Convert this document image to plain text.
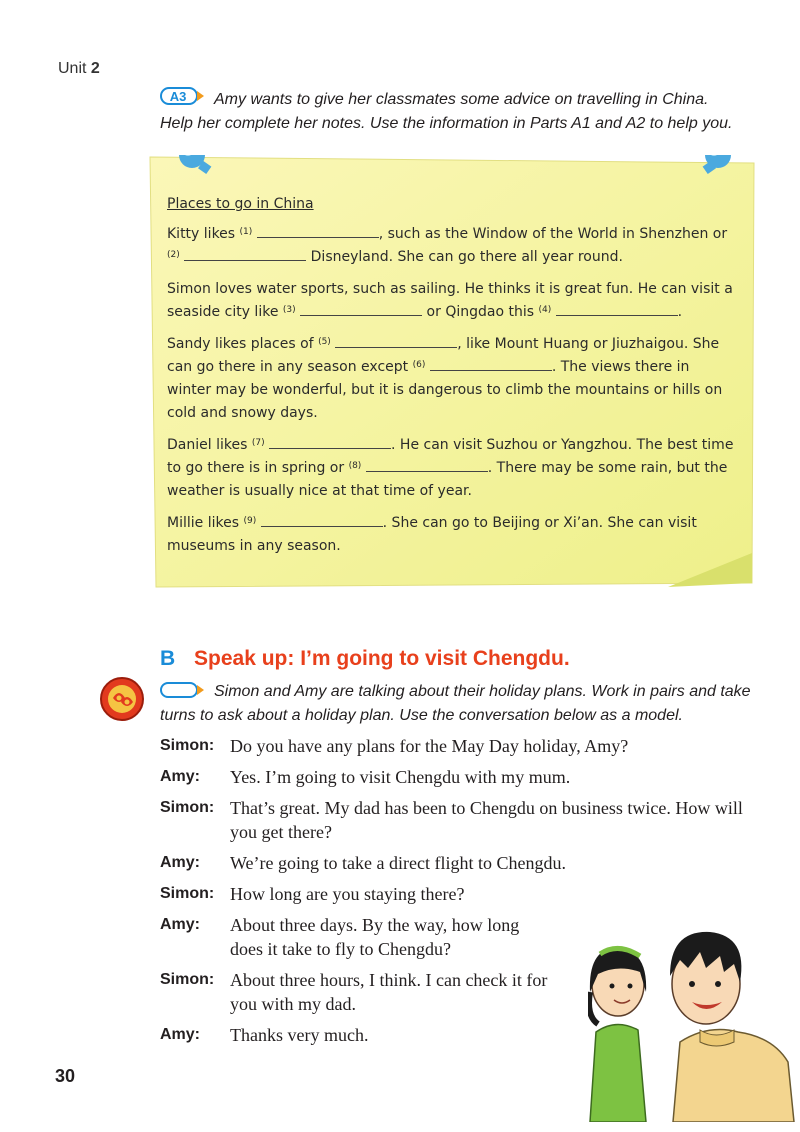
Unit 2
A3	Amy wants to give her classmates some advice on travelling in China.
Help her complete her notes. Use the information in Parts A1 and A2 to help you.

Places to go in China

Kitty likes $^{(1)}$	, such as the Window of the World in Shenzhen or
$^{(2)}$	Disneyland. She can go there all year round.

Simon loves water sports, such as sailing. He thinks it is great fun. He can visit a seaside city like $^{(3)}$	or Qingdao this $^{(4)}$	.

Sandy likes places of $^{(5)}$	, like Mount Huang or Jiuzhaigou. She can go there in any season except $^{(6)}$	. The views there in winter may be wonderful, but it is dangerous to climb the mountains or hills on cold and snowy days.

Daniel likes $^{(7)}$	. He can visit Suzhou or Yangzhou. The best time to go there is in spring or $^{(8)}$	. There may be some rain, but the weather is usually nice at that time of year.

Millie likes $^{(9)}$	. She can go to Beijing or Xi’an. She can visit museums in any season.

B Speak up: I’m going to visit Chengdu.
Simon and Amy are talking about their holiday plans. Work in pairs and take
turns to ask about a holiday plan. Use the conversation below as a model.
Simon: Do you have any plans for the May Day holiday, Amy?
Amy:	Yes. I’m going to visit Chengdu with my mum.
Simon: That’s great. My dad has been to Chengdu on business twice. How will you get there?
Amy:	We’re going to take a direct flight to Chengdu.
Simon: How long are you staying there?
Amy:	About three days. By the way, how long does it take to fly to Chengdu?
Simon: About three hours, I think. I can check it for you with my dad.
Amy:	Thanks very much.
30
